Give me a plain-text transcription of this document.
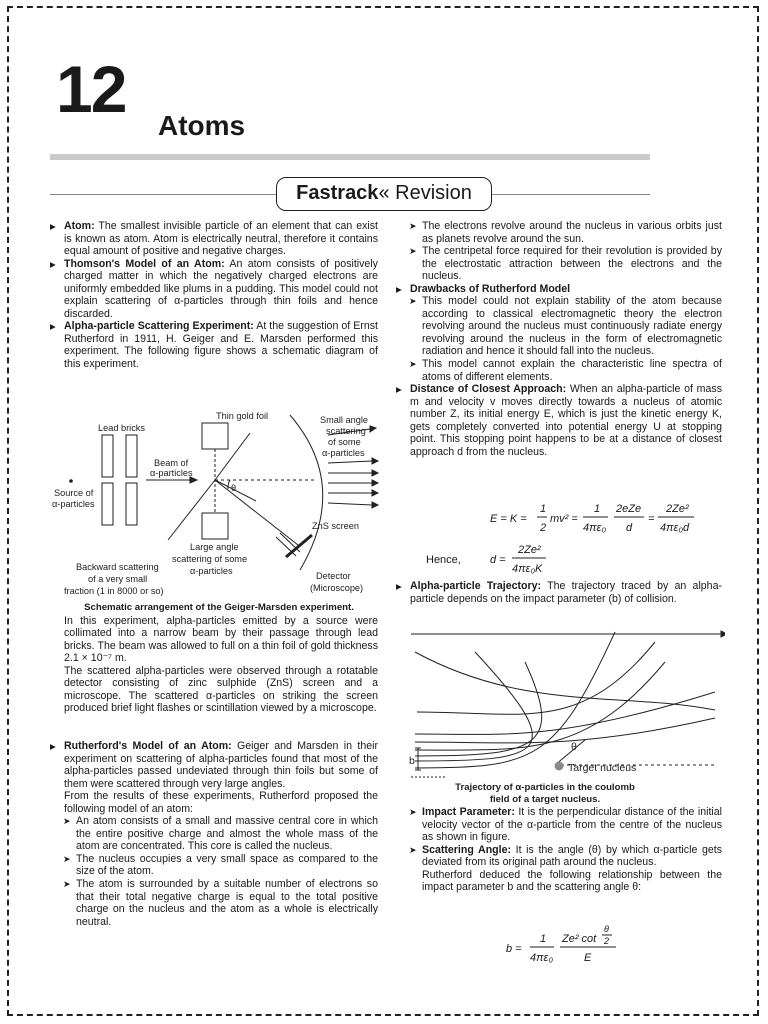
12 Atoms
Fastrack« Revision

▶ Atom: The smallest invisible particle of an element that can exist is known as atom. Atom is electrically neutral, therefore it contains equal amount of positive and negative charges.

▶ Thomson's Model of an Atom: An atom consists of positively charged matter in which the negatively charged electrons are uniformly embedded like plums in a pudding. This model could not explain scattering of α-particles through thin foils and hence discarded.

▶ Alpha-particle Scattering Experiment: At the suggestion of Ernst Rutherford in 1911, H. Geiger and E. Marsden performed this experiment. The following figure shows a schematic diagram of this experiment.

Lead bricks
Thin gold foil	Small angle
scattering
of some
α-particles
Beam of
α-particles
θ
Source of
α-particles
ZnS screen
Large angle
scattering of some
α-particles
Backward scattering
of a very small
fraction (1 in 8000 or so)
Detector
(Microscope)

Schematic arrangement of the Geiger-Marsden experiment.

In this experiment, alpha-particles emitted by a source were collimated into a narrow beam by their passage through lead bricks. The beam was allowed to full on a thin foil of gold thickness 2.1 × 10⁻⁷ m.

The scattered alpha-particles were observed through a rotatable detector consisting of zinc sulphide (ZnS) screen and a microscope. The scattered α-particles on striking the screen produced brief light flashes or scintillation viewed by a microscope.

▶ Rutherford's Model of an Atom: Geiger and Marsden in their experiment on scattering of alpha-particles found that most of the alpha-particles passed undeviated through thin foils but some of them were scattered through very large angles.

From the results of these experiments, Rutherford proposed the following model of an atom:

➤ An atom consists of a small and massive central core in which the entire positive charge and almost the whole mass of the atom are concentrated. This core is called the nucleus.

➤ The nucleus occupies a very small space as compared to the size of the atom.

➤ The atom is surrounded by a suitable number of electrons so that their total negative charge is equal to the total positive charge on the nucleus and the atom as a whole is electrically neutral.

➤ The electrons revolve around the nucleus in various orbits just as planets revolve around the sun.

➤ The centripetal force required for their revolution is provided by the electrostatic attraction between the electrons and the nucleus.

▶ Drawbacks of Rutherford Model

➤ This model could not explain stability of the atom because according to classical electromagnetic theory the electron revolving around the nucleus must continuously radiate energy revolving around the nucleus in the form of electromagnetic radiation and hence it should fall into the nucleus.

➤ This model cannot explain the characteristic line spectra of atoms of different elements.

▶ Distance of Closest Approach: When an alpha-particle of mass m and velocity v moves directly towards a nucleus of atomic number Z, its initial energy E, which is just the kinetic energy K, gets completely converted into potential energy U at stopping point. This stopping point happens to be at a distance of closest approach d from the nucleus.

E = K =
1
2
mv² =
1
4πε₀
2eZe
d
=
2Ze²
4πε₀d
Hence,	d =
2Ze²
4πε₀K

▶ Alpha-particle Trajectory: The trajectory traced by an alpha-particle depends on the impact parameter (b) of collision.

b
θ
Target nucleus
Trajectory of α-particles in the coulomb
field of a target nucleus.

➤ Impact Parameter: It is the perpendicular distance of the initial velocity vector of the α-particle from the centre of the nucleus as shown in figure.

➤ Scattering Angle: It is the angle (θ) by which α-particle gets deviated from its original path around the nucleus.

Rutherford deduced the following relationship between the impact parameter b and the scattering angle θ:

b =
1
4πε₀
Ze² cot
θ
2
E
